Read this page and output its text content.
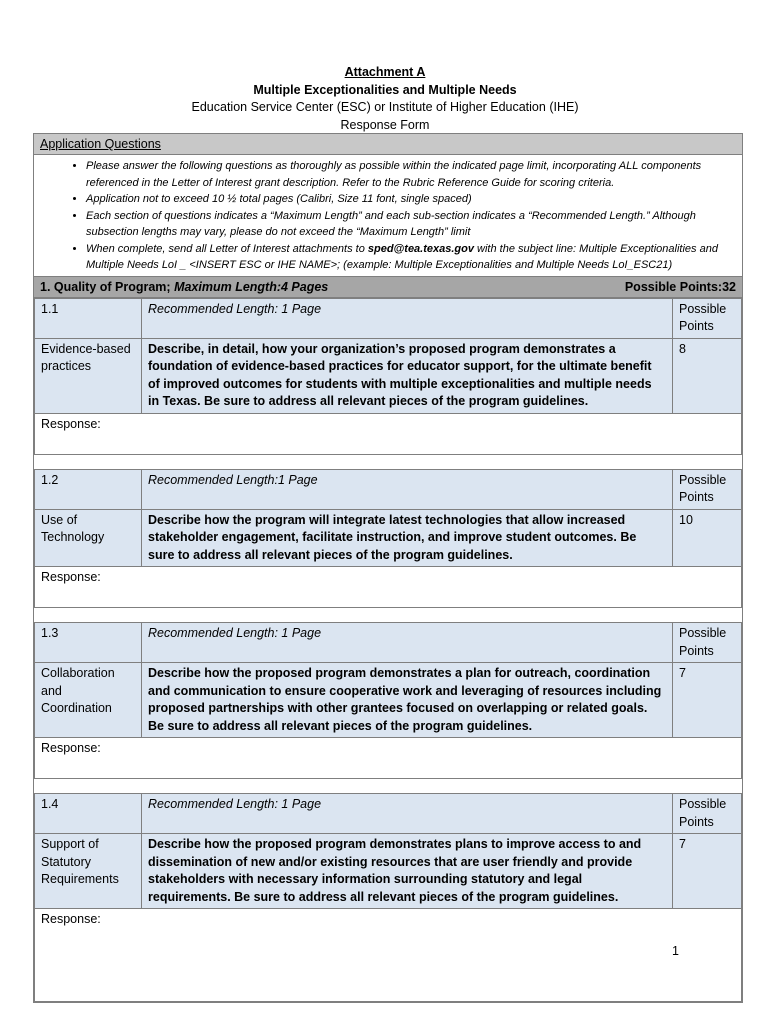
Attachment A
Multiple Exceptionalities and Multiple Needs
Education Service Center (ESC) or Institute of Higher Education (IHE)
Response Form
Application Questions
• Please answer the following questions as thoroughly as possible within the indicated page limit, incorporating ALL components referenced in the Letter of Interest grant description. Refer to the Rubric Reference Guide for scoring criteria.
• Application not to exceed 10 ½ total pages (Calibri, Size 11 font, single spaced)
• Each section of questions indicates a “Maximum Length” and each sub-section indicates a “Recommended Length.” Although subsection lengths may vary, please do not exceed the “Maximum Length” limit
• When complete, send all Letter of Interest attachments to sped@tea.texas.gov with the subject line: Multiple Exceptionalities and Multiple Needs LoI _ <INSERT ESC or IHE NAME>; (example: Multiple Exceptionalities and Multiple Needs LoI_ESC21)
1. Quality of Program; Maximum Length:4 Pages	Possible Points:32
1.1	Recommended Length: 1 Page	Possible Points
Evidence-based practices	Describe, in detail, how your organization’s proposed program demonstrates a foundation of evidence-based practices for educator support, for the ultimate benefit of improved outcomes for students with multiple exceptionalities and multiple needs in Texas. Be sure to address all relevant pieces of the program guidelines.	8
Response:		

1.2	Recommended Length:1 Page	Possible Points
Use of Technology	Describe how the program will integrate latest technologies that allow increased stakeholder engagement, facilitate instruction, and improve student outcomes. Be sure to address all relevant pieces of the program guidelines.	10
Response:		

1.3	Recommended Length: 1 Page	Possible Points
Collaboration and Coordination	Describe how the proposed program demonstrates a plan for outreach, coordination and communication to ensure cooperative work and leveraging of resources including proposed partnerships with other grantees focused on overlapping or related goals. Be sure to address all relevant pieces of the program guidelines.	7
Response:		

1.4	Recommended Length: 1 Page	Possible Points
Support of Statutory Requirements	Describe how the proposed program demonstrates plans to improve access to and dissemination of new and/or existing resources that are user friendly and provide stakeholders with necessary information surrounding statutory and legal requirements. Be sure to address all relevant pieces of the program guidelines.	7
Response:		
1
